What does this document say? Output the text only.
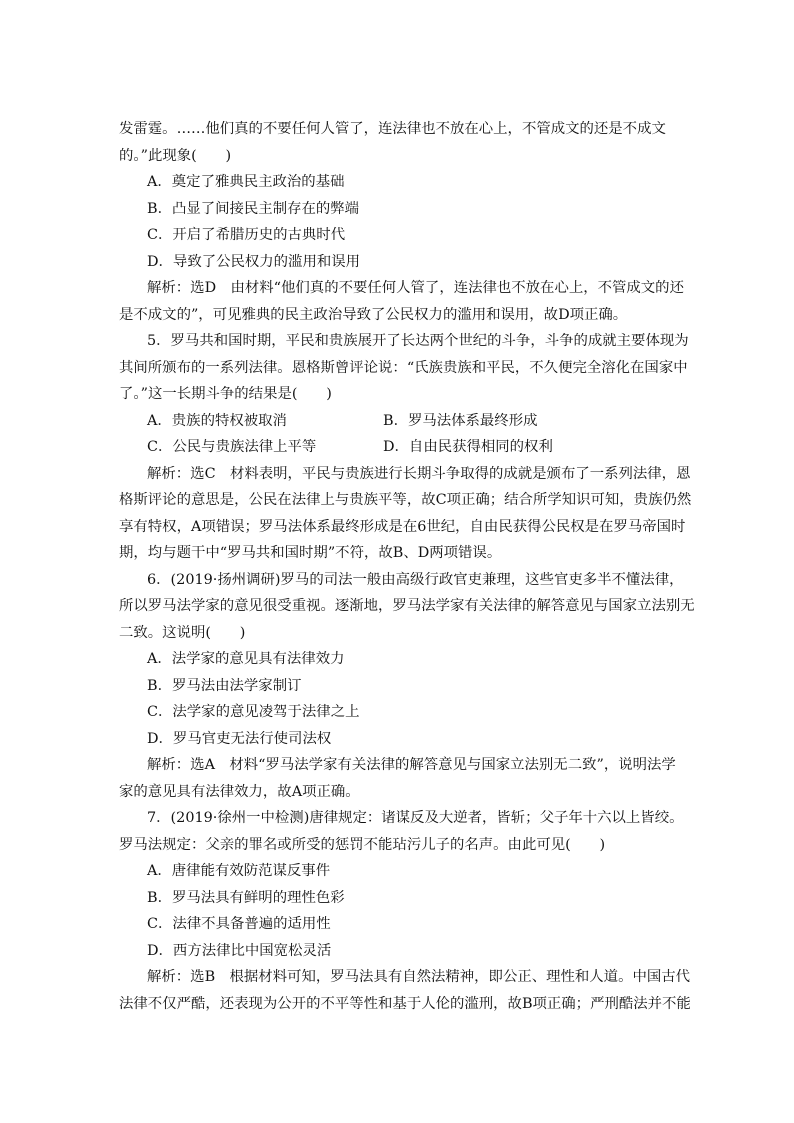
发雷霆。……他们真的不要任何人管了，连法律也不放在心上，不管成文的还是不成文
的。”此现象(　　)
A．奠定了雅典民主政治的基础
B．凸显了间接民主制存在的弊端
C．开启了希腊历史的古典时代
D．导致了公民权力的滥用和误用
解析：选D　由材料“他们真的不要任何人管了，连法律也不放在心上，不管成文的还
是不成文的”，可见雅典的民主政治导致了公民权力的滥用和误用，故D项正确。
5．罗马共和国时期，平民和贵族展开了长达两个世纪的斗争，斗争的成就主要体现为
其间所颁布的一系列法律。恩格斯曾评论说：“氏族贵族和平民，不久便完全溶化在国家中
了。”这一长期斗争的结果是(　　)
A．贵族的特权被取消	B．罗马法体系最终形成
C．公民与贵族法律上平等	D．自由民获得相同的权利
解析：选C　材料表明，平民与贵族进行长期斗争取得的成就是颁布了一系列法律，恩
格斯评论的意思是，公民在法律上与贵族平等，故C项正确；结合所学知识可知，贵族仍然
享有特权，A项错误；罗马法体系最终形成是在6世纪，自由民获得公民权是在罗马帝国时
期，均与题干中“罗马共和国时期”不符，故B、D两项错误。
6．(2019·扬州调研)罗马的司法一般由高级行政官吏兼理，这些官吏多半不懂法律，
所以罗马法学家的意见很受重视。逐渐地，罗马法学家有关法律的解答意见与国家立法别无
二致。这说明(　　)
A．法学家的意见具有法律效力
B．罗马法由法学家制订
C．法学家的意见凌驾于法律之上
D．罗马官吏无法行使司法权
解析：选A　材料“罗马法学家有关法律的解答意见与国家立法别无二致”，说明法学
家的意见具有法律效力，故A项正确。
7．(2019·徐州一中检测)唐律规定：诸谋反及大逆者，皆斩；父子年十六以上皆绞。
罗马法规定：父亲的罪名或所受的惩罚不能玷污儿子的名声。由此可见(　　)
A．唐律能有效防范谋反事件
B．罗马法具有鲜明的理性色彩
C．法律不具备普遍的适用性
D．西方法律比中国宽松灵活
解析：选B　根据材料可知，罗马法具有自然法精神，即公正、理性和人道。中国古代
法律不仅严酷，还表现为公开的不平等性和基于人伦的滥刑，故B项正确；严刑酷法并不能
